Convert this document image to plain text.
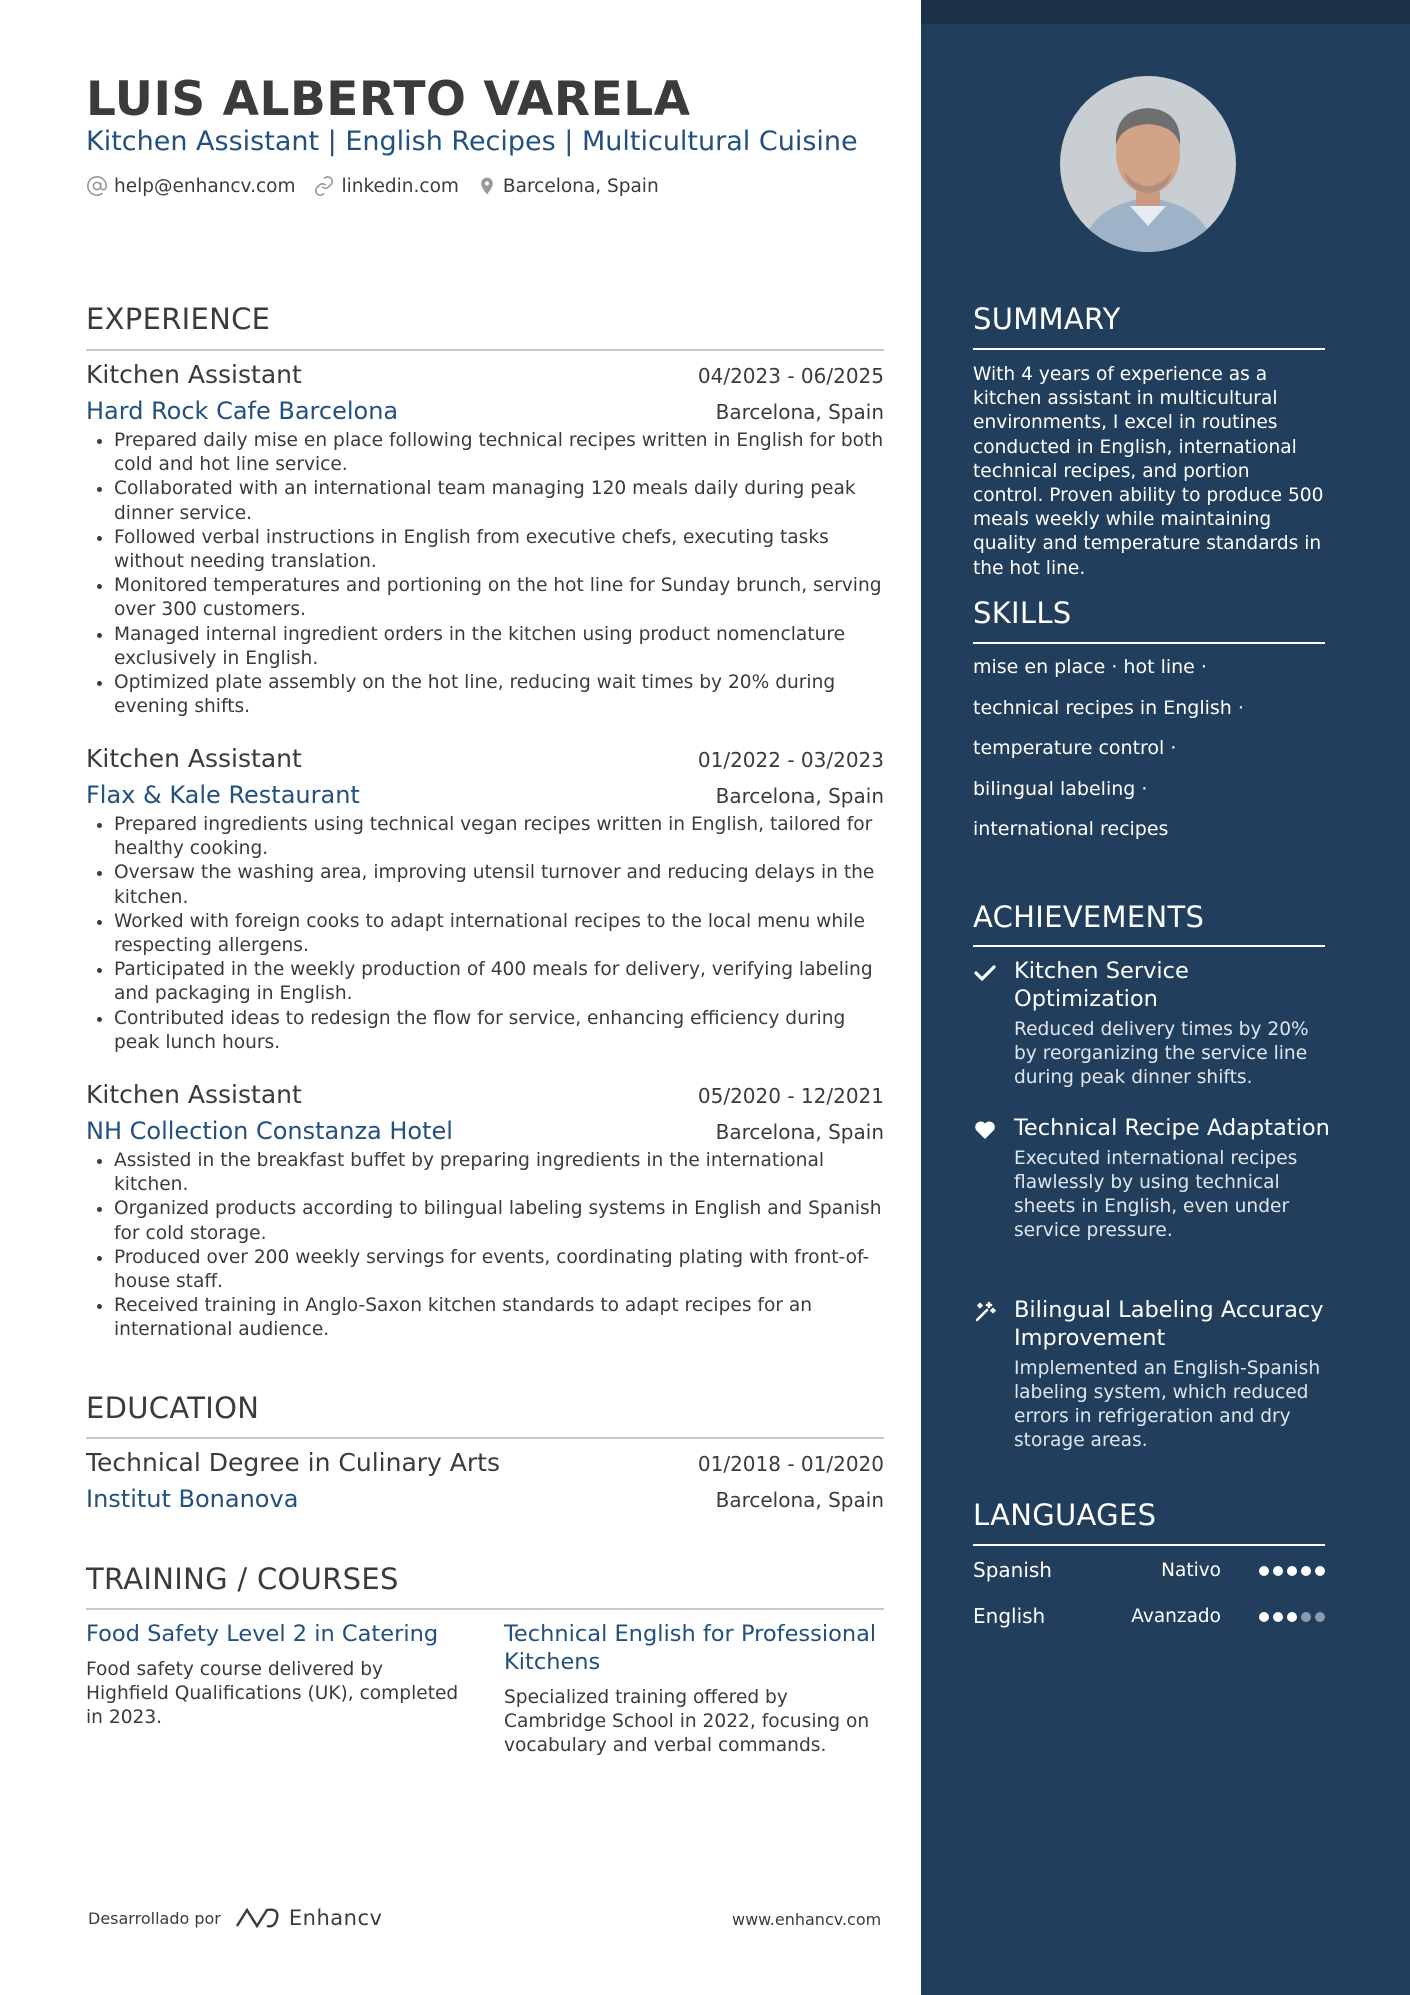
LUIS ALBERTO VARELA
Kitchen Assistant | English Recipes | Multicultural Cuisine
help@enhancv.com linkedin.com Barcelona, Spain
EXPERIENCE
Kitchen Assistant	04/2023 - 06/2025
Hard Rock Cafe Barcelona	Barcelona, Spain
• Prepared daily mise en place following technical recipes written in English for both cold and hot line service.
• Collaborated with an international team managing 120 meals daily during peak dinner service.
• Followed verbal instructions in English from executive chefs, executing tasks without needing translation.
• Monitored temperatures and portioning on the hot line for Sunday brunch, serving over 300 customers.
• Managed internal ingredient orders in the kitchen using product nomenclature exclusively in English.
• Optimized plate assembly on the hot line, reducing wait times by 20% during evening shifts.
Kitchen Assistant	01/2022 - 03/2023
Flax & Kale Restaurant	Barcelona, Spain
• Prepared ingredients using technical vegan recipes written in English, tailored for healthy cooking.
• Oversaw the washing area, improving utensil turnover and reducing delays in the kitchen.
• Worked with foreign cooks to adapt international recipes to the local menu while respecting allergens.
• Participated in the weekly production of 400 meals for delivery, verifying labeling and packaging in English.
• Contributed ideas to redesign the flow for service, enhancing efficiency during peak lunch hours.
Kitchen Assistant	05/2020 - 12/2021
NH Collection Constanza Hotel	Barcelona, Spain
• Assisted in the breakfast buffet by preparing ingredients in the international kitchen.
• Organized products according to bilingual labeling systems in English and Spanish for cold storage.
• Produced over 200 weekly servings for events, coordinating plating with front-of-house staff.
• Received training in Anglo-Saxon kitchen standards to adapt recipes for an international audience.
EDUCATION
Technical Degree in Culinary Arts	01/2018 - 01/2020
Institut Bonanova	Barcelona, Spain
TRAINING / COURSES
Food Safety Level 2 in Catering
Food safety course delivered by Highfield Qualifications (UK), completed in 2023.
Technical English for Professional Kitchens
Specialized training offered by Cambridge School in 2022, focusing on vocabulary and verbal commands.
Desarrollado por	Enhancv	www.enhancv.com
SUMMARY
With 4 years of experience as a kitchen assistant in multicultural environments, I excel in routines conducted in English, international technical recipes, and portion control. Proven ability to produce 500 meals weekly while maintaining quality and temperature standards in the hot line.
SKILLS
mise en place · hot line ·
technical recipes in English ·
temperature control ·
bilingual labeling ·
international recipes
ACHIEVEMENTS
Kitchen Service Optimization
Reduced delivery times by 20% by reorganizing the service line during peak dinner shifts.
Technical Recipe Adaptation
Executed international recipes flawlessly by using technical sheets in English, even under service pressure.
Bilingual Labeling Accuracy Improvement
Implemented an English-Spanish labeling system, which reduced errors in refrigeration and dry storage areas.
LANGUAGES
Spanish	Nativo
English	Avanzado
